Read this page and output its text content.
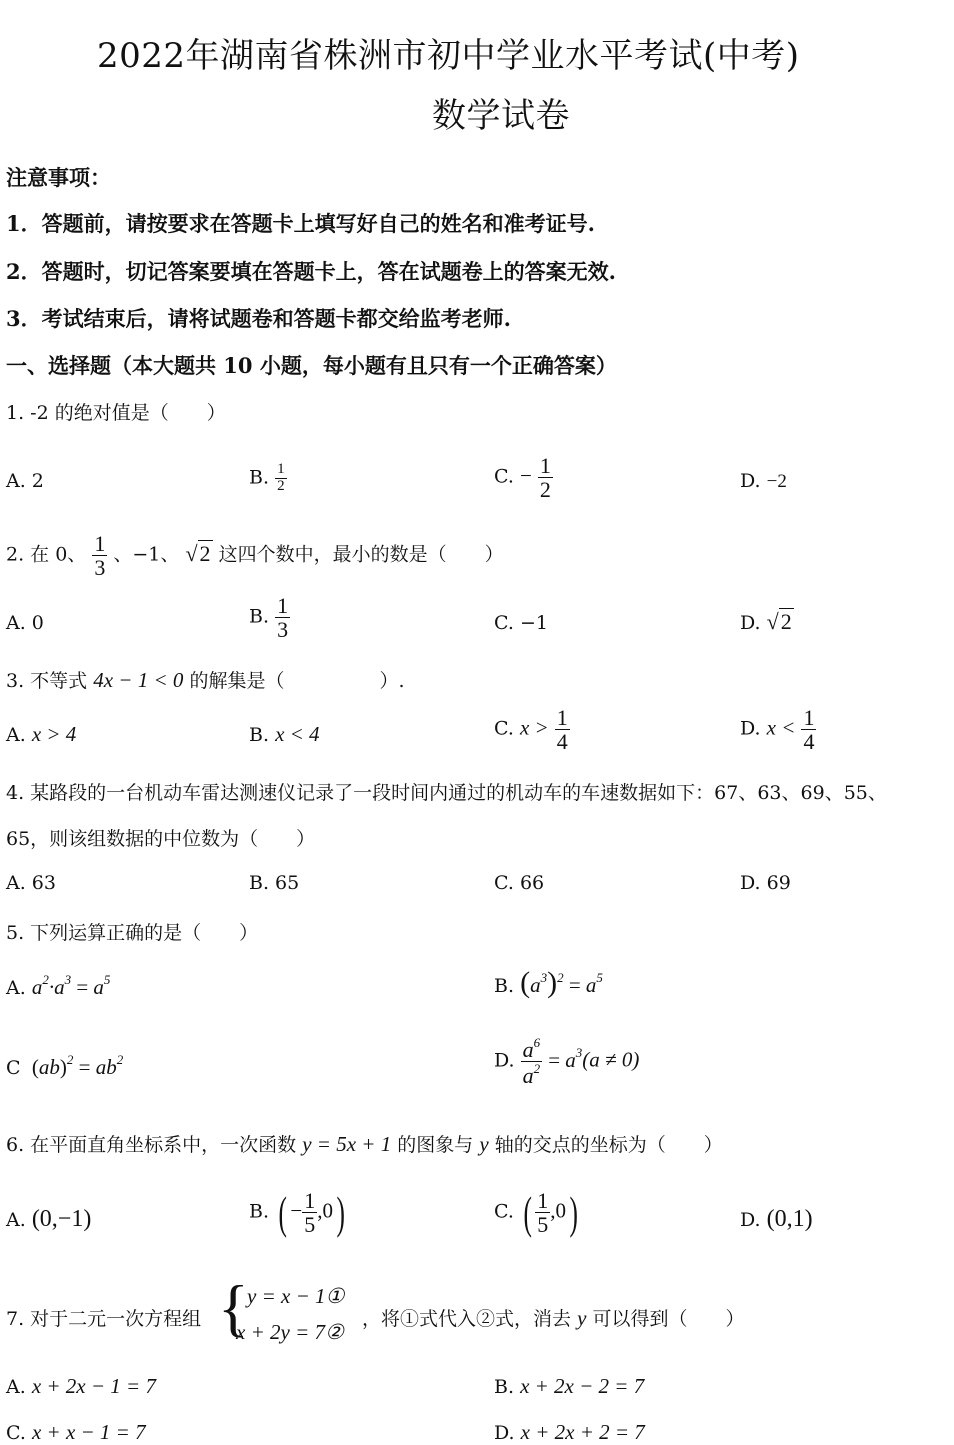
2022年湖南省株洲市初中学业水平考试(中考)
数学试卷
注意事项：
1．答题前，请按要求在答题卡上填写好自己的姓名和准考证号.
2．答题时，切记答案要填在答题卡上，答在试题卷上的答案无效.
3．考试结束后，请将试题卷和答题卡都交给监考老师.
一、选择题（本大题共 10 小题，每小题有且只有一个正确答案）
1. -2 的绝对值是（　　）
A. 2	B. $\frac{1}{2}$	C. − $\frac{1}{2}$	D. −2
2. 在 0、 $\frac{1}{3}$ 、−1、 √ 2 这四个数中，最小的数是（　　）
A. 0	B. $\frac{1}{3}$	C. −1	D. √ 2
3. 不等式 4x − 1 < 0 的解集是（　　　　　）.
A. x > 4	B. x < 4	C. $x > \frac{1}{4}$	D. $x < \frac{1}{4}$
4. 某路段的一台机动车雷达测速仪记录了一段时间内通过的机动车的车速数据如下：67、63、69、55、
65，则该组数据的中位数为（　　）
A. 63	B. 65	C. 66	D. 69
5. 下列运算正确的是（　　）
A. $a^2\cdot a^3 = a^5$	B. $(a^3)^2 = a^5$
C $(ab)^2 = ab^2$	D. $\frac{a^6}{a^2} = a^3(a \ne 0)$
6. 在平面直角坐标系中，一次函数 y = 5x + 1 的图象与 y 轴的交点的坐标为（　　）
A. (0,−1)	B. ( − $\frac{1}{5} ,0$)	C. ( $\frac{1}{5} ,0$)	D. (0,1)
7. 对于二元一次方程组 {
y = x − 1①
x + 2y = 7②
，将①式代入②式，消去 y 可以得到（　　）
A. x + 2x − 1 = 7	B. x + 2x − 2 = 7
C. x + x − 1 = 7	D. x + 2x + 2 = 7
